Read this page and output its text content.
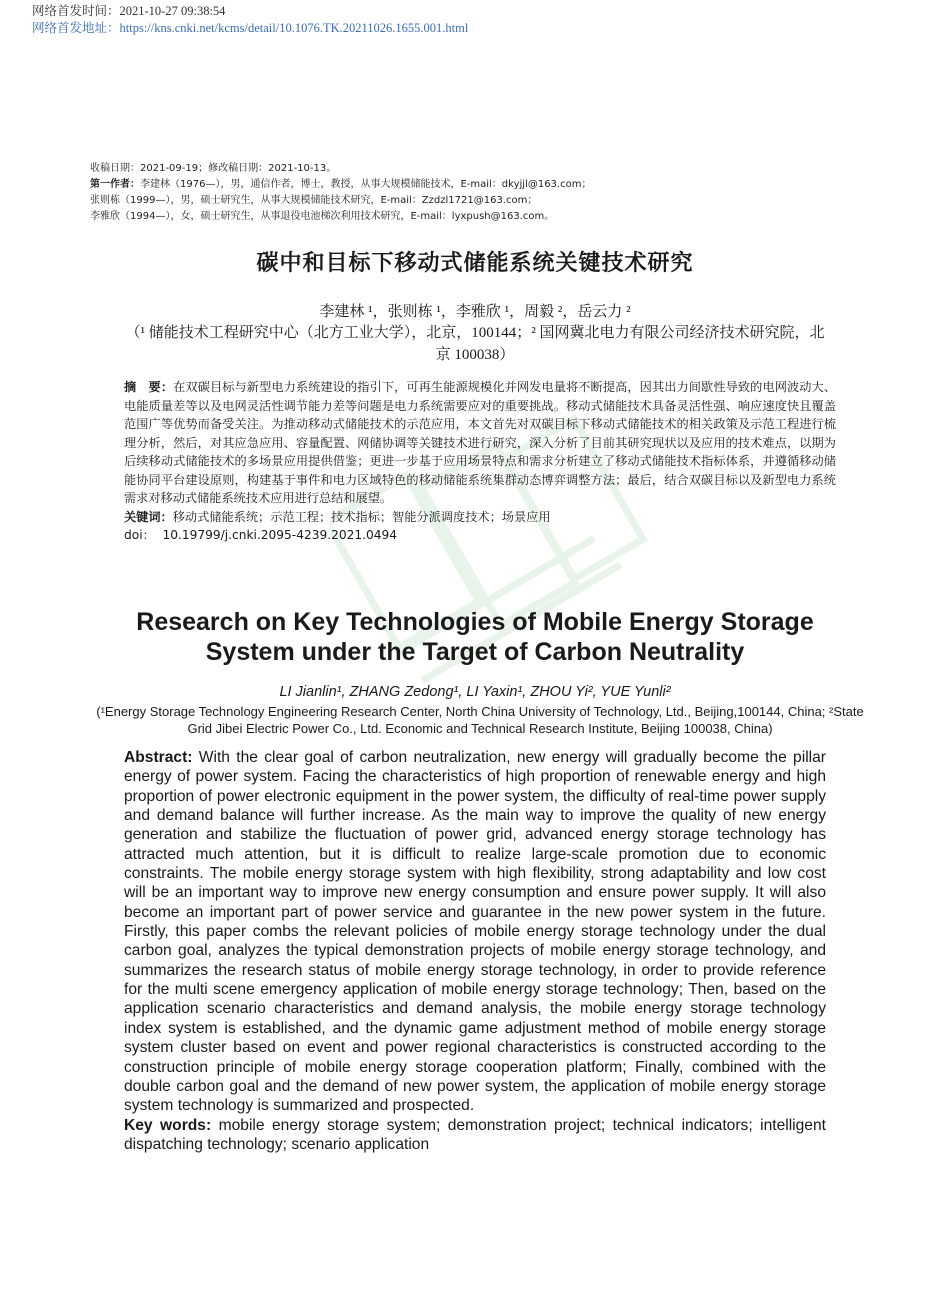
网络首发时间：2021-10-27 09:38:54
网络首发地址：https://kns.cnki.net/kcms/detail/10.1076.TK.20211026.1655.001.html
收稿日期：2021-09-19；修改稿日期：2021-10-13。
第一作者：李建林（1976—），男，通信作者，博士，教授，从事大规模储能技术，E-mail：dkyjjl@163.com；
张则栋（1999—），男，硕士研究生，从事大规模储能技术研究，E-mail：Zzdzl1721@163.com；
李雅欣（1994—），女，硕士研究生，从事退役电池梯次利用技术研究，E-mail：lyxpush@163.com。
碳中和目标下移动式储能系统关键技术研究
李建林 ¹，张则栋 ¹，李雅欣 ¹，周毅 ²，岳云力 ²
（¹ 储能技术工程研究中心（北方工业大学），北京，100144；² 国网冀北电力有限公司经济技术研究院，北京 100038）
摘　要：在双碳目标与新型电力系统建设的指引下，可再生能源规模化并网发电量将不断提高，因其出力间歇性导致的电网波动大、电能质量差等以及电网灵活性调节能力差等问题是电力系统需要应对的重要挑战。移动式储能技术具备灵活性强、响应速度快且覆盖范围广等优势而备受关注。为推动移动式储能技术的示范应用，本文首先对双碳目标下移动式储能技术的相关政策及示范工程进行梳理分析，然后，对其应急应用、容量配置、网储协调等关键技术进行研究，深入分析了目前其研究现状以及应用的技术难点，以期为后续移动式储能技术的多场景应用提供借鉴；更进一步基于应用场景特点和需求分析建立了移动式储能技术指标体系，并遵循移动储能协同平台建设原则，构建基于事件和电力区域特色的移动储能系统集群动态博弈调整方法；最后，结合双碳目标以及新型电力系统需求对移动式储能系统技术应用进行总结和展望。
关键词：移动式储能系统；示范工程；技术指标；智能分派调度技术；场景应用
doi： 10.19799/j.cnki.2095-4239.2021.0494
Research on Key Technologies of Mobile Energy Storage
System under the Target of Carbon Neutrality
LI Jianlin¹, ZHANG Zedong¹, LI Yaxin¹, ZHOU Yi², YUE Yunli²
(¹Energy Storage Technology Engineering Research Center, North China University of Technology, Ltd., Beijing,100144, China; ²State Grid Jibei Electric Power Co., Ltd. Economic and Technical Research Institute, Beijing 100038, China)
Abstract: With the clear goal of carbon neutralization, new energy will gradually become the pillar energy of power system. Facing the characteristics of high proportion of renewable energy and high proportion of power electronic equipment in the power system, the difficulty of real-time power supply and demand balance will further increase. As the main way to improve the quality of new energy generation and stabilize the fluctuation of power grid, advanced energy storage technology has attracted much attention, but it is difficult to realize large-scale promotion due to economic constraints. The mobile energy storage system with high flexibility, strong adaptability and low cost will be an important way to improve new energy consumption and ensure power supply. It will also become an important part of power service and guarantee in the new power system in the future. Firstly, this paper combs the relevant policies of mobile energy storage technology under the dual carbon goal, analyzes the typical demonstration projects of mobile energy storage technology, and summarizes the research status of mobile energy storage technology, in order to provide reference for the multi scene emergency application of mobile energy storage technology; Then, based on the application scenario characteristics and demand analysis, the mobile energy storage technology index system is established, and the dynamic game adjustment method of mobile energy storage system cluster based on event and power regional characteristics is constructed according to the construction principle of mobile energy storage cooperation platform; Finally, combined with the double carbon goal and the demand of new power system, the application of mobile energy storage system technology is summarized and prospected.
Key words: mobile energy storage system; demonstration project; technical indicators; intelligent dispatching technology; scenario application
